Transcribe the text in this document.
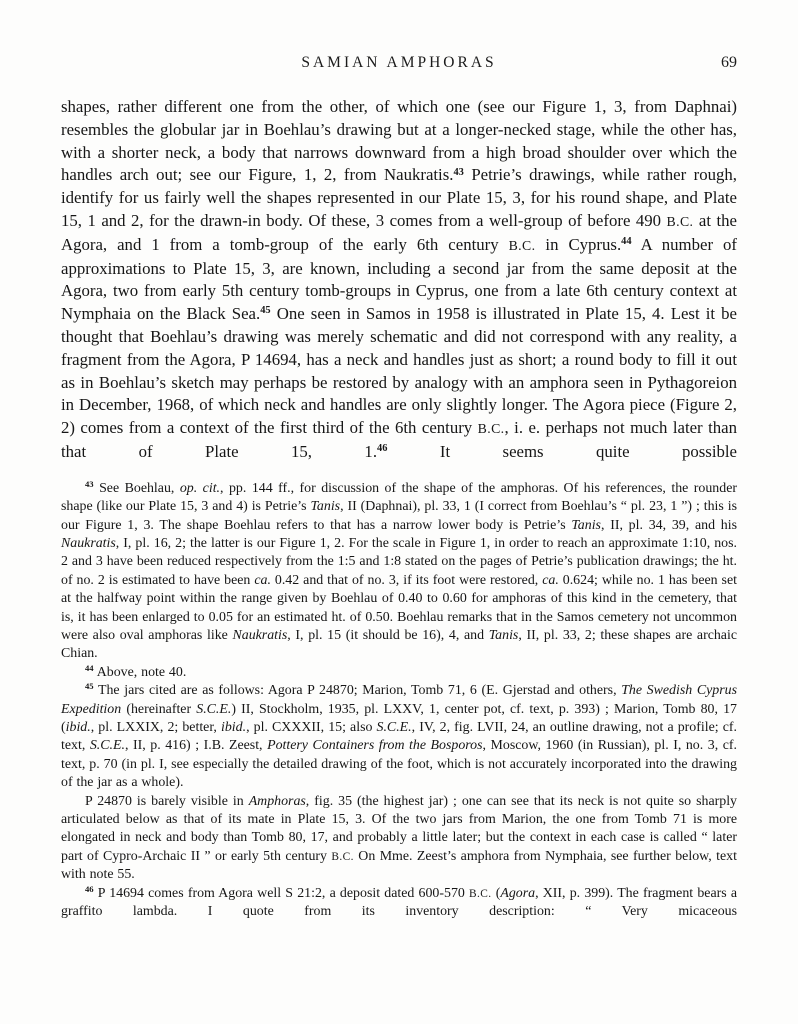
SAMIAN AMPHORAS	69

shapes, rather different one from the other, of which one (see our Figure 1, 3, from Daphnai) resembles the globular jar in Boehlau’s drawing but at a longer-necked stage, while the other has, with a shorter neck, a body that narrows downward from a high broad shoulder over which the handles arch out; see our Figure, 1, 2, from Naukratis.$^{43}$ Petrie’s drawings, while rather rough, identify for us fairly well the shapes represented in our Plate 15, 3, for his round shape, and Plate 15, 1 and 2, for the drawn-in body. Of these, 3 comes from a well-group of before 490 B.C. at the Agora, and 1 from a tomb-group of the early 6th century B.C. in Cyprus.$^{44}$ A number of approximations to Plate 15, 3, are known, including a second jar from the same deposit at the Agora, two from early 5th century tomb-groups in Cyprus, one from a late 6th century context at Nymphaia on the Black Sea.$^{45}$ One seen in Samos in 1958 is illustrated in Plate 15, 4. Lest it be thought that Boehlau’s drawing was merely schematic and did not correspond with any reality, a fragment from the Agora, P 14694, has a neck and handles just as short; a round body to fill it out as in Boehlau’s sketch may perhaps be restored by analogy with an amphora seen in Pythagoreion in December, 1968, of which neck and handles are only slightly longer. The Agora piece (Figure 2, 2) comes from a context of the first third of the 6th century B.C., i. e. perhaps not much later than that of Plate 15, 1.46 It seems quite possible

$^{43}$ See Boehlau, op. cit., pp. 144 ff., for discussion of the shape of the amphoras. Of his references, the rounder shape (like our Plate 15, 3 and 4) is Petrie’s Tanis, II (Daphnai), pl. 33, 1 (I correct from Boehlau’s “ pl. 23, 1 ”) ; this is our Figure 1, 3. The shape Boehlau refers to that has a narrow lower body is Petrie’s Tanis, II, pl. 34, 39, and his Naukratis, I, pl. 16, 2; the latter is our Figure 1, 2. For the scale in Figure 1, in order to reach an approximate 1:10, nos. 2 and 3 have been reduced respectively from the 1:5 and 1:8 stated on the pages of Petrie’s publication drawings; the ht. of no. 2 is estimated to have been ca. 0.42 and that of no. 3, if its foot were restored, ca. 0.624; while no. 1 has been set at the halfway point within the range given by Boehlau of 0.40 to 0.60 for amphoras of this kind in the cemetery, that is, it has been enlarged to 0.05 for an estimated ht. of 0.50. Boehlau remarks that in the Samos cemetery not uncommon were also oval amphoras like Naukratis, I, pl. 15 (it should be 16), 4, and Tanis, II, pl. 33, 2; these shapes are archaic Chian.

$^{44}$ Above, note 40.

$^{45}$ The jars cited are as follows: Agora P 24870; Marion, Tomb 71, 6 (E. Gjerstad and others, The Swedish Cyprus Expedition (hereinafter S.C.E.) II, Stockholm, 1935, pl. LXXV, 1, center pot, cf. text, p. 393) ; Marion, Tomb 80, 17 (ibid., pl. LXXIX, 2; better, ibid., pl. CXXXII, 15; also S.C.E., IV, 2, fig. LVII, 24, an outline drawing, not a profile; cf. text, S.C.E., II, p. 416) ; I.B. Zeest, Pottery Containers from the Bosporos, Moscow, 1960 (in Russian), pl. I, no. 3, cf. text, p. 70 (in pl. I, see especially the detailed drawing of the foot, which is not accurately incorporated into the drawing of the jar as a whole).

P 24870 is barely visible in Amphoras, fig. 35 (the highest jar) ; one can see that its neck is not quite so sharply articulated below as that of its mate in Plate 15, 3. Of the two jars from Marion, the one from Tomb 71 is more elongated in neck and body than Tomb 80, 17, and probably a little later; but the context in each case is called “ later part of Cypro-Archaic II ” or early 5th century B.C. On Mme. Zeest’s amphora from Nymphaia, see further below, text with note 55.

$^{46}$ P 14694 comes from Agora well S 21:2, a deposit dated 600-570 B.C. (Agora, XII, p. 399). The fragment bears a graffito lambda. I quote from its inventory description: “ Very micaceous
